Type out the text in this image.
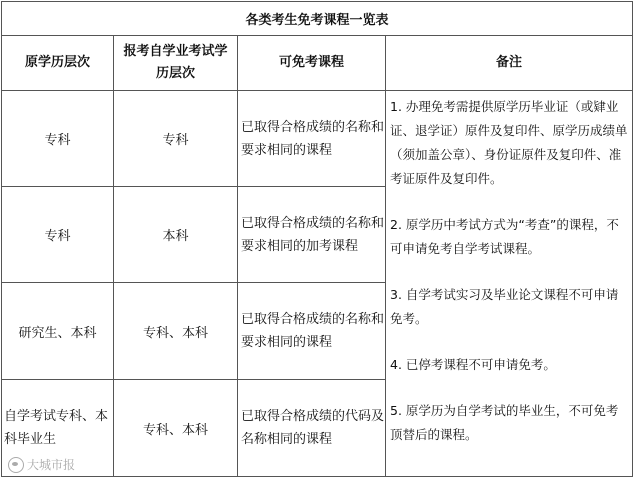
各类考生免考课程一览表			
原学历层次	报考自学业考试学历层次	可免考课程	备注
专科	专科	已取得合格成绩的名称和要求相同的课程	1. 办理免考需提供原学历毕业证（或肄业证、退学证）原件及复印件、原学历成绩单（须加盖公章）、身份证原件及复印件、准考证原件及复印件。
2. 原学历中考试方式为“考查”的课程，不可申请免考自学考试课程。
3. 自学考试实习及毕业论文课程不可申请免考。
4. 已停考课程不可申请免考。
5. 原学历为自学考试的毕业生，不可免考顶替后的课程。

专科	本科	已取得合格成绩的名称和要求相同的加考课程	
研究生、本科	专科、本科	已取得合格成绩的名称和要求相同的课程	
自学考试专科、本科毕业生	专科、本科	已取得合格成绩的代码及名称相同的课程	
大城市报
